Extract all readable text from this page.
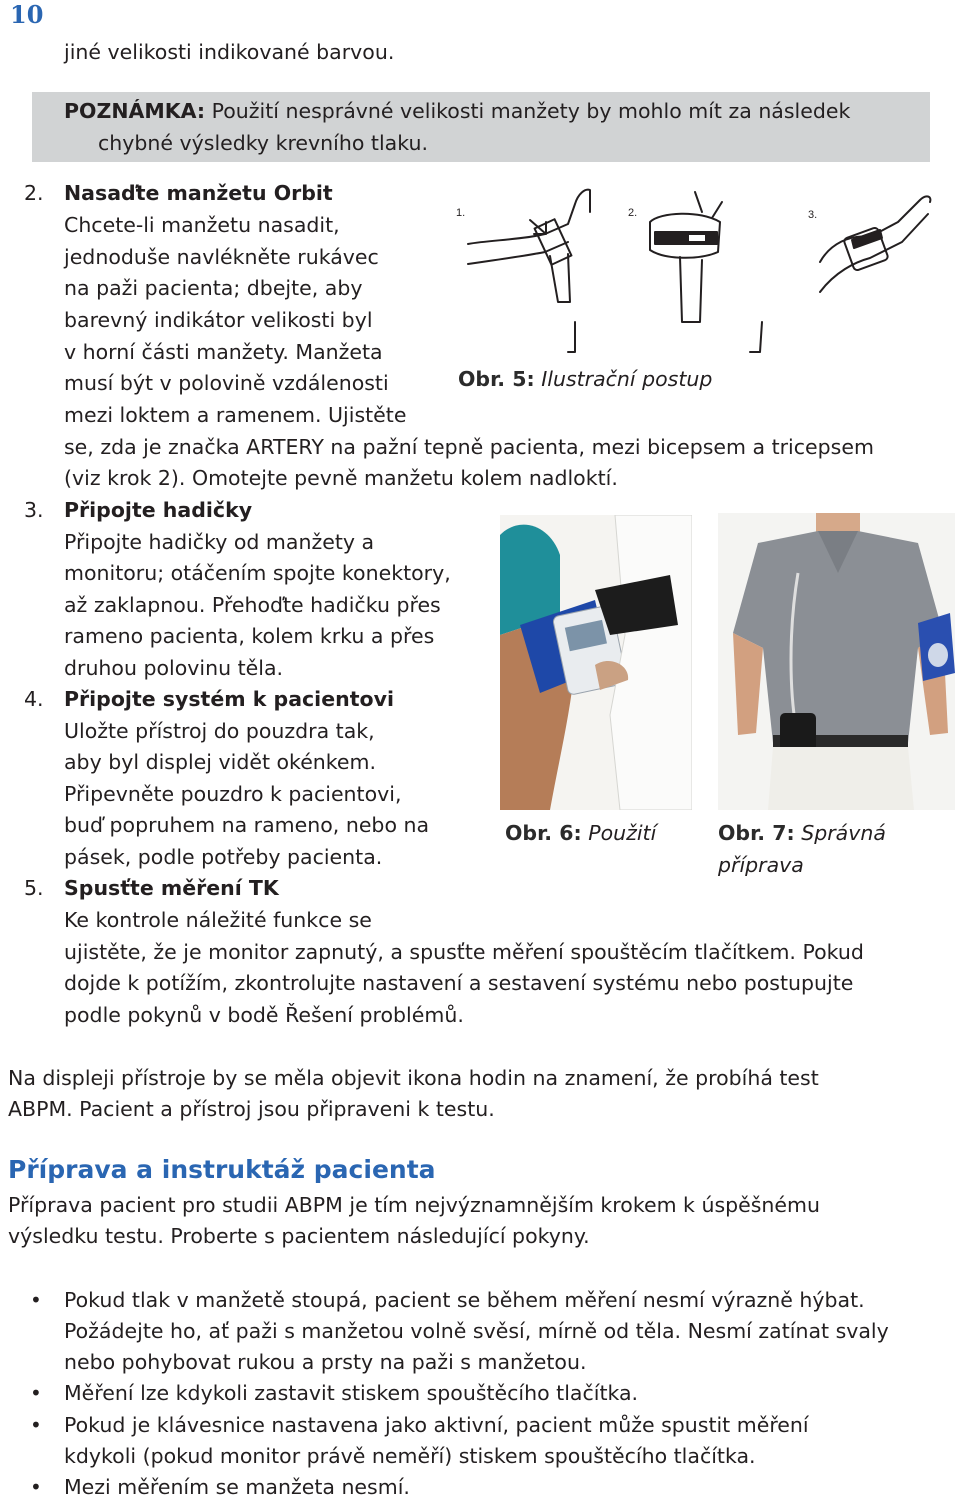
10
jiné velikosti indikované barvou.
POZNÁMKA: Použití nesprávné velikosti manžety by mohlo mít za následek
chybné výsledky krevního tlaku.
2. Nasaďte manžetu Orbit
Chcete-li manžetu nasadit,
jednoduše navlékněte rukávec
na paži pacienta; dbejte, aby
barevný indikátor velikosti byl
v horní části manžety. Manžeta
musí být v polovině vzdálenosti
mezi loktem a ramenem. Ujistěte
se, zda je značka ARTERY na pažní tepně pacienta, mezi bicepsem a tricepsem
(viz krok 2). Omotejte pevně manžetu kolem nadloktí.
1.	2.	3.
Obr. 5: Ilustrační postup
3. Připojte hadičky
Připojte hadičky od manžety a
monitoru; otáčením spojte konektory,
až zaklapnou. Přehoďte hadičku přes
rameno pacienta, kolem krku a přes
druhou polovinu těla.
Obr. 6: Použití	Obr. 7: Správná
příprava
4. Připojte systém k pacientovi
Uložte přístroj do pouzdra tak,
aby byl displej vidět okénkem.
Připevněte pouzdro k pacientovi,
buď popruhem na rameno, nebo na
pásek, podle potřeby pacienta.
5. Spusťte měření TK
Ke kontrole náležité funkce se
ujistěte, že je monitor zapnutý, a spusťte měření spouštěcím tlačítkem. Pokud
dojde k potížím, zkontrolujte nastavení a sestavení systému nebo postupujte
podle pokynů v bodě Řešení problémů.
Na displeji přístroje by se měla objevit ikona hodin na znamení, že probíhá test
ABPM. Pacient a přístroj jsou připraveni k testu.
Příprava a instruktáž pacienta
Příprava pacient pro studii ABPM je tím nejvýznamnějším krokem k úspěšnému
výsledku testu. Proberte s pacientem následující pokyny.
• Pokud tlak v manžetě stoupá, pacient se během měření nesmí výrazně hýbat.
Požádejte ho, ať paži s manžetou volně svěsí, mírně od těla. Nesmí zatínat svaly
nebo pohybovat rukou a prsty na paži s manžetou.
• Měření lze kdykoli zastavit stiskem spouštěcího tlačítka.
• Pokud je klávesnice nastavena jako aktivní, pacient může spustit měření
kdykoli (pokud monitor právě neměří) stiskem spouštěcího tlačítka.
• Mezi měřením se manžeta nesmí.
